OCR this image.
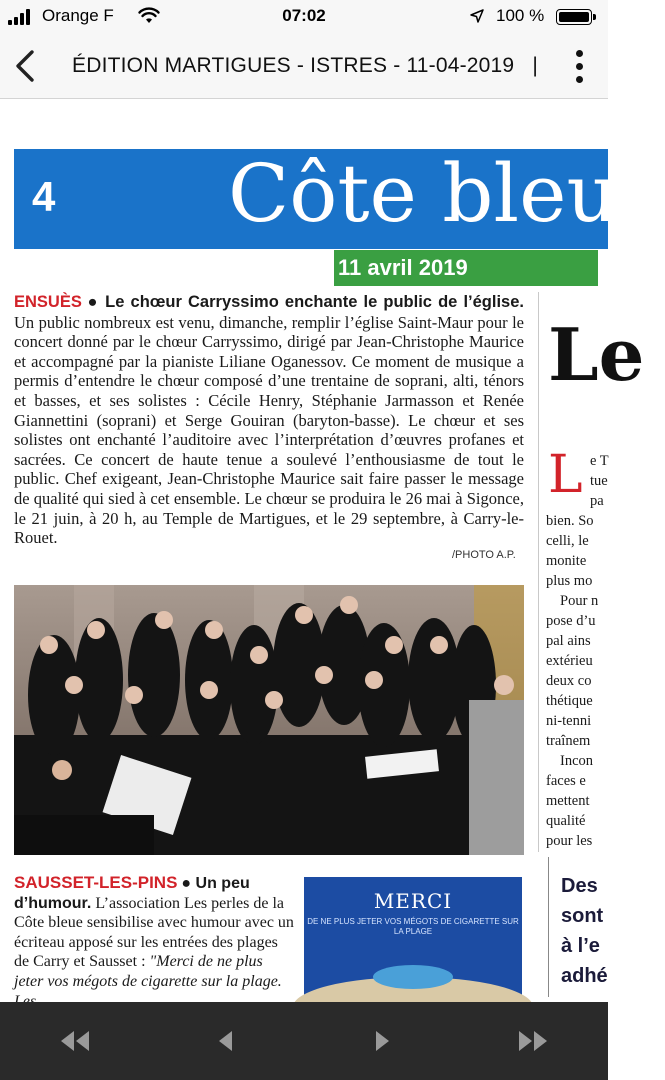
Orange F	07:02	100 %
ÉDITION MARTIGUES - ISTRES - 11-04-2019 |
4 Côte bleue
11 avril 2019
ENSUÈS ● Le chœur Carryssimo enchante le public de l’église. Un public nombreux est venu, dimanche, remplir l’église Saint-Maur pour le concert donné par le chœur Carryssimo, dirigé par Jean-Christophe Maurice et accompagné par la pianiste Liliane Oganessov. Ce moment de musique a permis d’entendre le chœur composé d’une trentaine de soprani, alti, ténors et basses, et ses solistes : Cécile Henry, Stéphanie Jarmasson et Renée Giannettini (soprani) et Serge Gouiran (baryton-basse). Le chœur et ses solistes ont enchanté l’auditoire avec l’interprétation d’œuvres profanes et sacrées. Ce concert de haute tenue a soulevé l’enthousiasme de tout le public. Chef exigeant, Jean-Christophe Maurice sait faire passer le message de qualité qui sied à cet ensemble. Le chœur se produira le 26 mai à Sigonce, le 21 juin, à 20 h, au Temple de Martigues, et le 29 septembre, à Carry-le-Rouet.
/PHOTO A.P.
SAUSSET-LES-PINS ● Un peu d’humour. L’association Les perles de la Côte bleue sensibilise avec humour avec un écriteau apposé sur les entrées des plages de Carry et Sausset : "Merci de ne plus jeter vos mégots de cigarette sur la plage.
MERCI
DE NE PLUS JETER VOS MÉGOTS DE CIGARETTE SUR LA PLAGE
Le
L e T
tue
pa
bien. So
celli, le
monite
plus mo
Pour n
pose d’u
pal ains
extérieu
deux co
thétique
ni-tenni
traînem
Incon
faces e
mettent
qualité
pour les
Des
sont
à l’e
adhé
